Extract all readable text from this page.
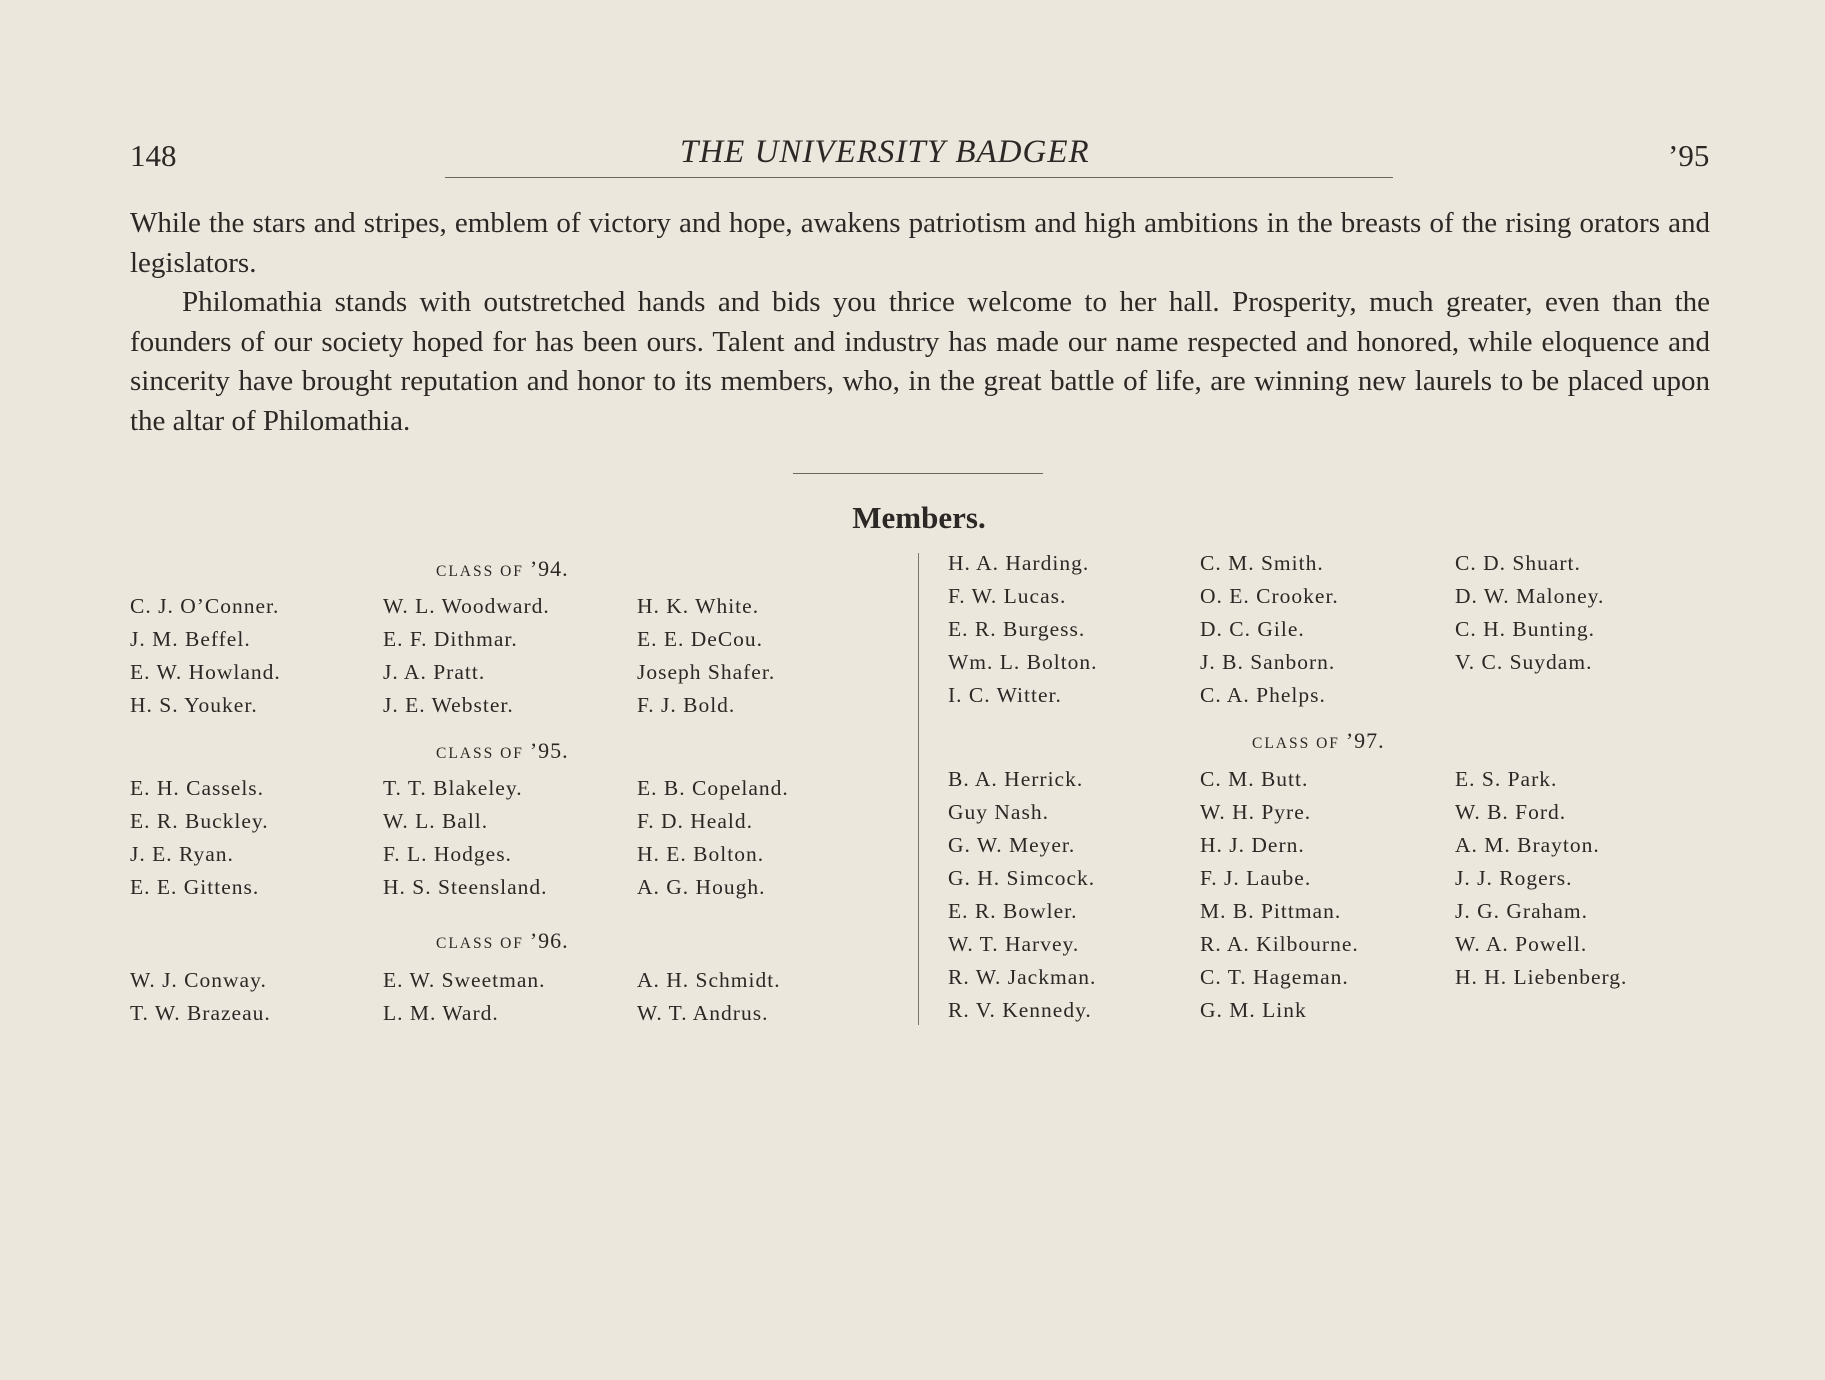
148	THE UNIVERSITY BADGER	’95

While the stars and stripes, emblem of victory and hope, awakens patriotism and high ambitions in the breasts of the rising orators and legislators.

Philomathia stands with outstretched hands and bids you thrice welcome to her hall. Prosperity, much greater, even than the founders of our society hoped for has been ours. Talent and industry has made our name respected and honored, while eloquence and sincerity have brought reputation and honor to its members, who, in the great battle of life, are winning new laurels to be placed upon the altar of Philomathia.

Members.
CLASS OF ’94.
C. J. O’Conner.
J. M. Beffel.
E. W. Howland.
H. S. Youker.
W. L. Woodward.
E. F. Dithmar.
J. A. Pratt.
J. E. Webster.
H. K. White.
E. E. DeCou.
Joseph Shafer.
F. J. Bold.
CLASS OF ’95.
E. H. Cassels.
E. R. Buckley.
J. E. Ryan.
E. E. Gittens.
T. T. Blakeley.
W. L. Ball.
F. L. Hodges.
H. S. Steensland.
E. B. Copeland.
F. D. Heald.
H. E. Bolton.
A. G. Hough.
CLASS OF ’96.
W. J. Conway.
T. W. Brazeau.
E. W. Sweetman.
L. M. Ward.
A. H. Schmidt.
W. T. Andrus.
H. A. Harding.
F. W. Lucas.
E. R. Burgess.
Wm. L. Bolton.
I. C. Witter.
C. M. Smith.
O. E. Crooker.
D. C. Gile.
J. B. Sanborn.
C. A. Phelps.
C. D. Shuart.
D. W. Maloney.
C. H. Bunting.
V. C. Suydam.
CLASS OF ’97.
B. A. Herrick.
Guy Nash.
G. W. Meyer.
G. H. Simcock.
E. R. Bowler.
W. T. Harvey.
R. W. Jackman.
R. V. Kennedy.
C. M. Butt.
W. H. Pyre.
H. J. Dern.
F. J. Laube.
M. B. Pittman.
R. A. Kilbourne.
C. T. Hageman.
G. M. Link
E. S. Park.
W. B. Ford.
A. M. Brayton.
J. J. Rogers.
J. G. Graham.
W. A. Powell.
H. H. Liebenberg.
